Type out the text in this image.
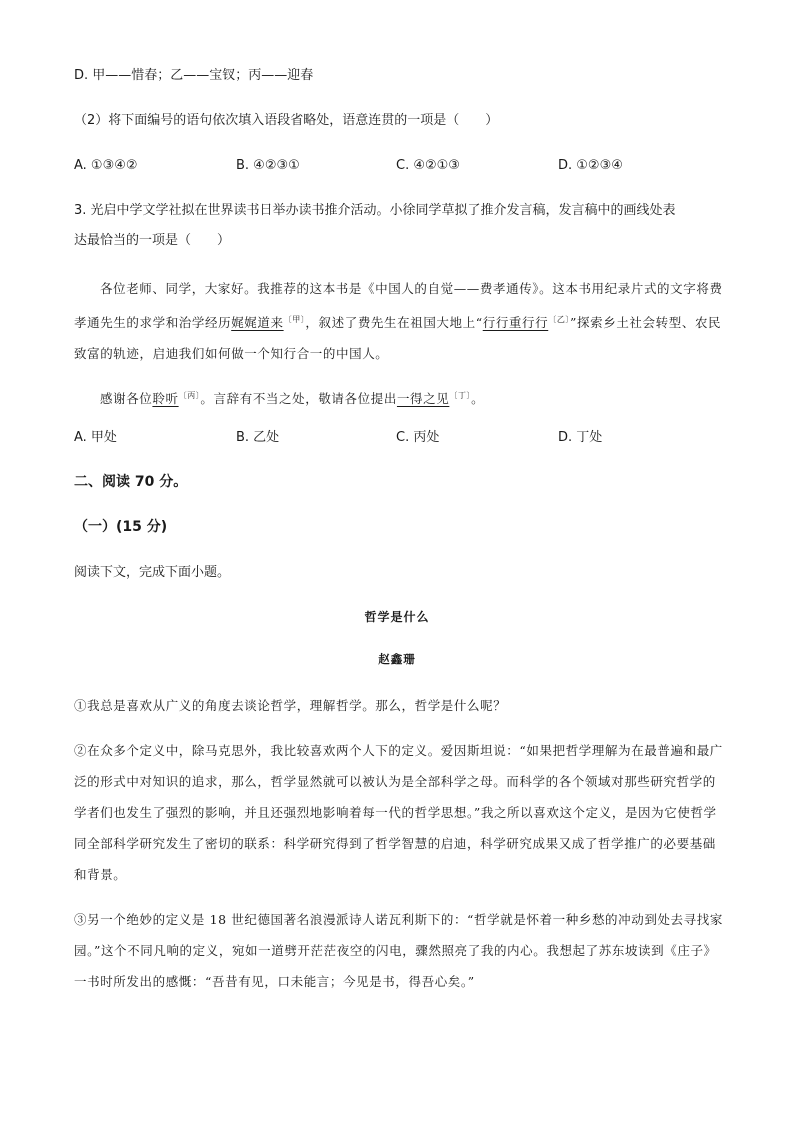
D. 甲——惜春；乙——宝钗；丙——迎春
（2）将下面编号的语句依次填入语段省略处，语意连贯的一项是（　　）
A. ①③④②	B. ④②③①	C. ④②①③	D. ①②③④
3. 光启中学文学社拟在世界读书日举办读书推介活动。小徐同学草拟了推介发言稿，发言稿中的画线处表
达最恰当的一项是（　　）
各位老师、同学，大家好。我推荐的这本书是《中国人的自觉——费孝通传》。这本书用纪录片式的文字将费孝通先生的求学和治学经历娓娓道来$^{〔甲〕}$，叙述了费先生在祖国大地上“行行重行行$^{〔乙〕}$”探索乡土社会转型、农民致富的轨迹，启迪我们如何做一个知行合一的中国人。
感谢各位聆听$^{〔丙〕}$。言辞有不当之处，敬请各位提出一得之见$^{〔丁〕}$。
A. 甲处	B. 乙处	C. 丙处	D. 丁处
二、阅读 70 分。
（一）(15 分)
阅读下文，完成下面小题。
哲学是什么
赵鑫珊
①我总是喜欢从广义的角度去谈论哲学，理解哲学。那么，哲学是什么呢？
②在众多个定义中，除马克思外，我比较喜欢两个人下的定义。爱因斯坦说：“如果把哲学理解为在最普遍和最广泛的形式中对知识的追求，那么，哲学显然就可以被认为是全部科学之母。而科学的各个领域对那些研究哲学的学者们也发生了强烈的影响，并且还强烈地影响着每一代的哲学思想。”我之所以喜欢这个定义，是因为它使哲学同全部科学研究发生了密切的联系：科学研究得到了哲学智慧的启迪，科学研究成果又成了哲学推广的必要基础和背景。
③另一个绝妙的定义是 18 世纪德国著名浪漫派诗人诺瓦利斯下的：“哲学就是怀着一种乡愁的冲动到处去寻找家园。”这个不同凡响的定义，宛如一道劈开茫茫夜空的闪电，骤然照亮了我的内心。我想起了苏东坡读到《庄子》一书时所发出的感慨：“吾昔有见，口未能言；今见是书，得吾心矣。”
